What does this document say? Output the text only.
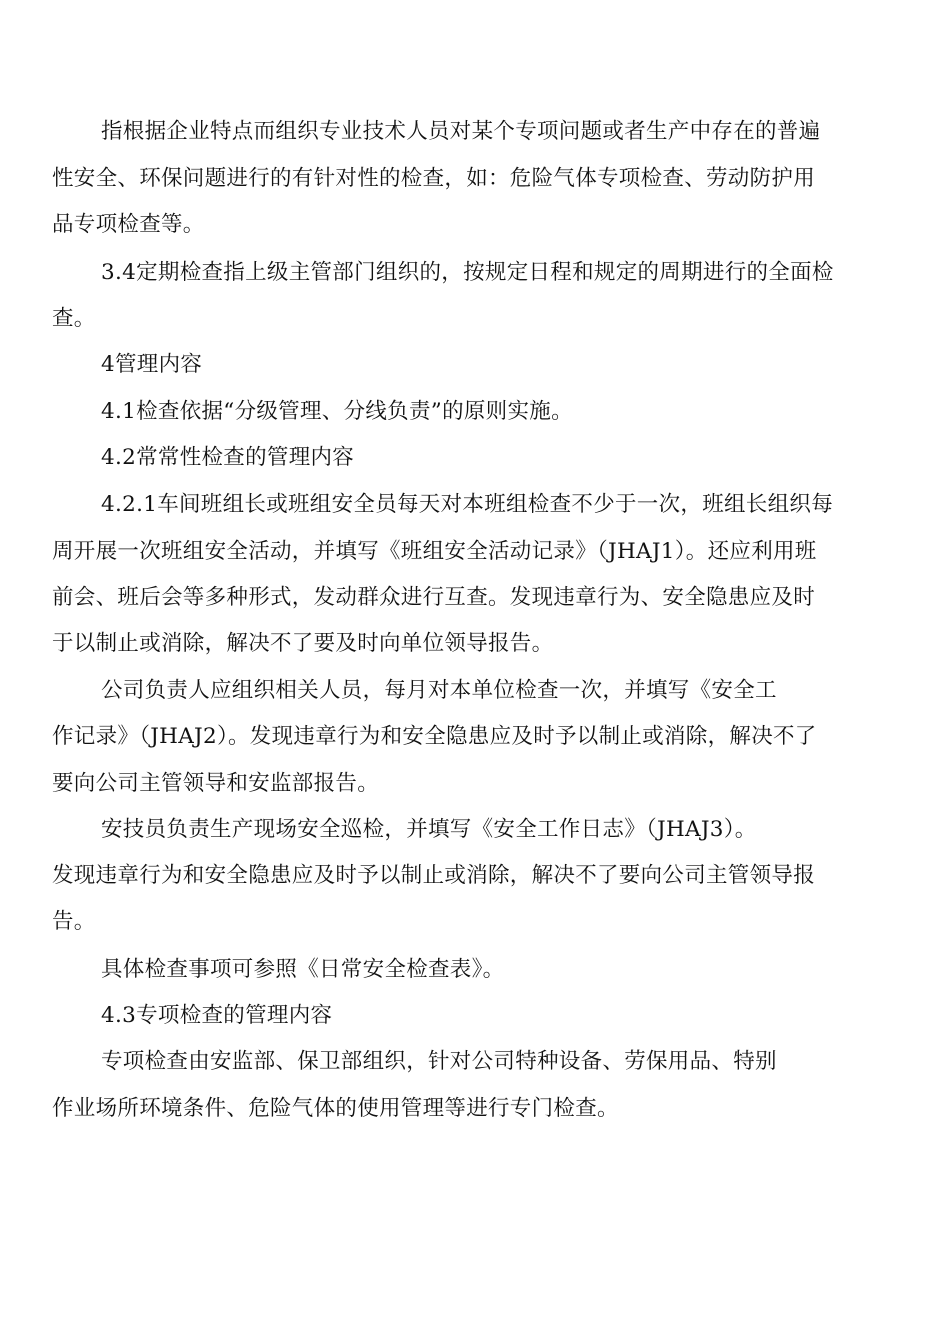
指根据企业特点而组织专业技术人员对某个专项问题或者生产中存在的普遍
性安全、环保问题进行的有针对性的检查，如：危险气体专项检查、劳动防护用
品专项检查等。
3.4定期检查指上级主管部门组织的，按规定日程和规定的周期进行的全面检
查。
4管理内容
4.1检查依据“分级管理、分线负责”的原则实施。
4.2常常性检查的管理内容
4.2.1车间班组长或班组安全员每天对本班组检查不少于一次，班组长组织每
周开展一次班组安全活动，并填写《班组安全活动记录》（JHAJ1）。还应利用班
前会、班后会等多种形式，发动群众进行互查。发现违章行为、安全隐患应及时
于以制止或消除，解决不了要及时向单位领导报告。
公司负责人应组织相关人员，每月对本单位检查一次，并填写《安全工
作记录》（JHAJ2）。发现违章行为和安全隐患应及时予以制止或消除，解决不了
要向公司主管领导和安监部报告。
安技员负责生产现场安全巡检，并填写《安全工作日志》（JHAJ3）。
发现违章行为和安全隐患应及时予以制止或消除，解决不了要向公司主管领导报
告。
具体检查事项可参照《日常安全检查表》。
4.3专项检查的管理内容
专项检查由安监部、保卫部组织，针对公司特种设备、劳保用品、特别
作业场所环境条件、危险气体的使用管理等进行专门检查。
